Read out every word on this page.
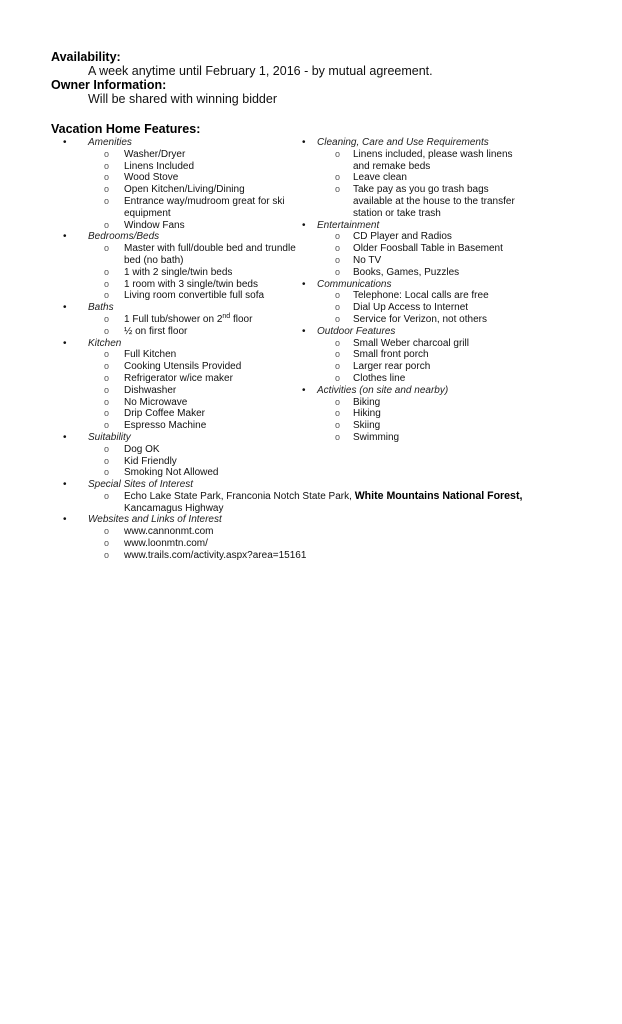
Availability:
A week anytime until February 1, 2016 - by mutual agreement.
Owner Information:
Will be shared with winning bidder
Vacation Home Features:
• Amenities
o Washer/Dryer
o Linens Included
o Wood Stove
o Open Kitchen/Living/Dining
o Entrance way/mudroom great for ski equipment
o Window Fans
• Bedrooms/Beds
o Master with full/double bed and trundle bed (no bath)
o 1 with 2 single/twin beds
o 1 room with 3 single/twin beds
o Living room convertible full sofa
• Baths
o 1 Full tub/shower on 2nd floor
o ½ on first floor
• Kitchen
o Full Kitchen
o Cooking Utensils Provided
o Refrigerator w/ice maker
o Dishwasher
o No Microwave
o Drip Coffee Maker
o Espresso Machine
• Suitability
o Dog OK
o Kid Friendly
o Smoking Not Allowed
• Cleaning, Care and Use Requirements
o Linens included, please wash linens and remake beds
o Leave clean
o Take pay as you go trash bags available at the house to the transfer station or take trash
• Entertainment
o CD Player and Radios
o Older Foosball Table in Basement
o No TV
o Books, Games, Puzzles
• Communications
o Telephone: Local calls are free
o Dial Up Access to Internet
o Service for Verizon, not others
• Outdoor Features
o Small Weber charcoal grill
o Small front porch
o Larger rear porch
o Clothes line
• Activities (on site and nearby)
o Biking
o Hiking
o Skiing
o Swimming
• Special Sites of Interest
o Echo Lake State Park, Franconia Notch State Park, White Mountains National Forest, Kancamagus Highway
• Websites and Links of Interest
o www.cannonmt.com
o www.loonmtn.com/
o www.trails.com/activity.aspx?area=15161
